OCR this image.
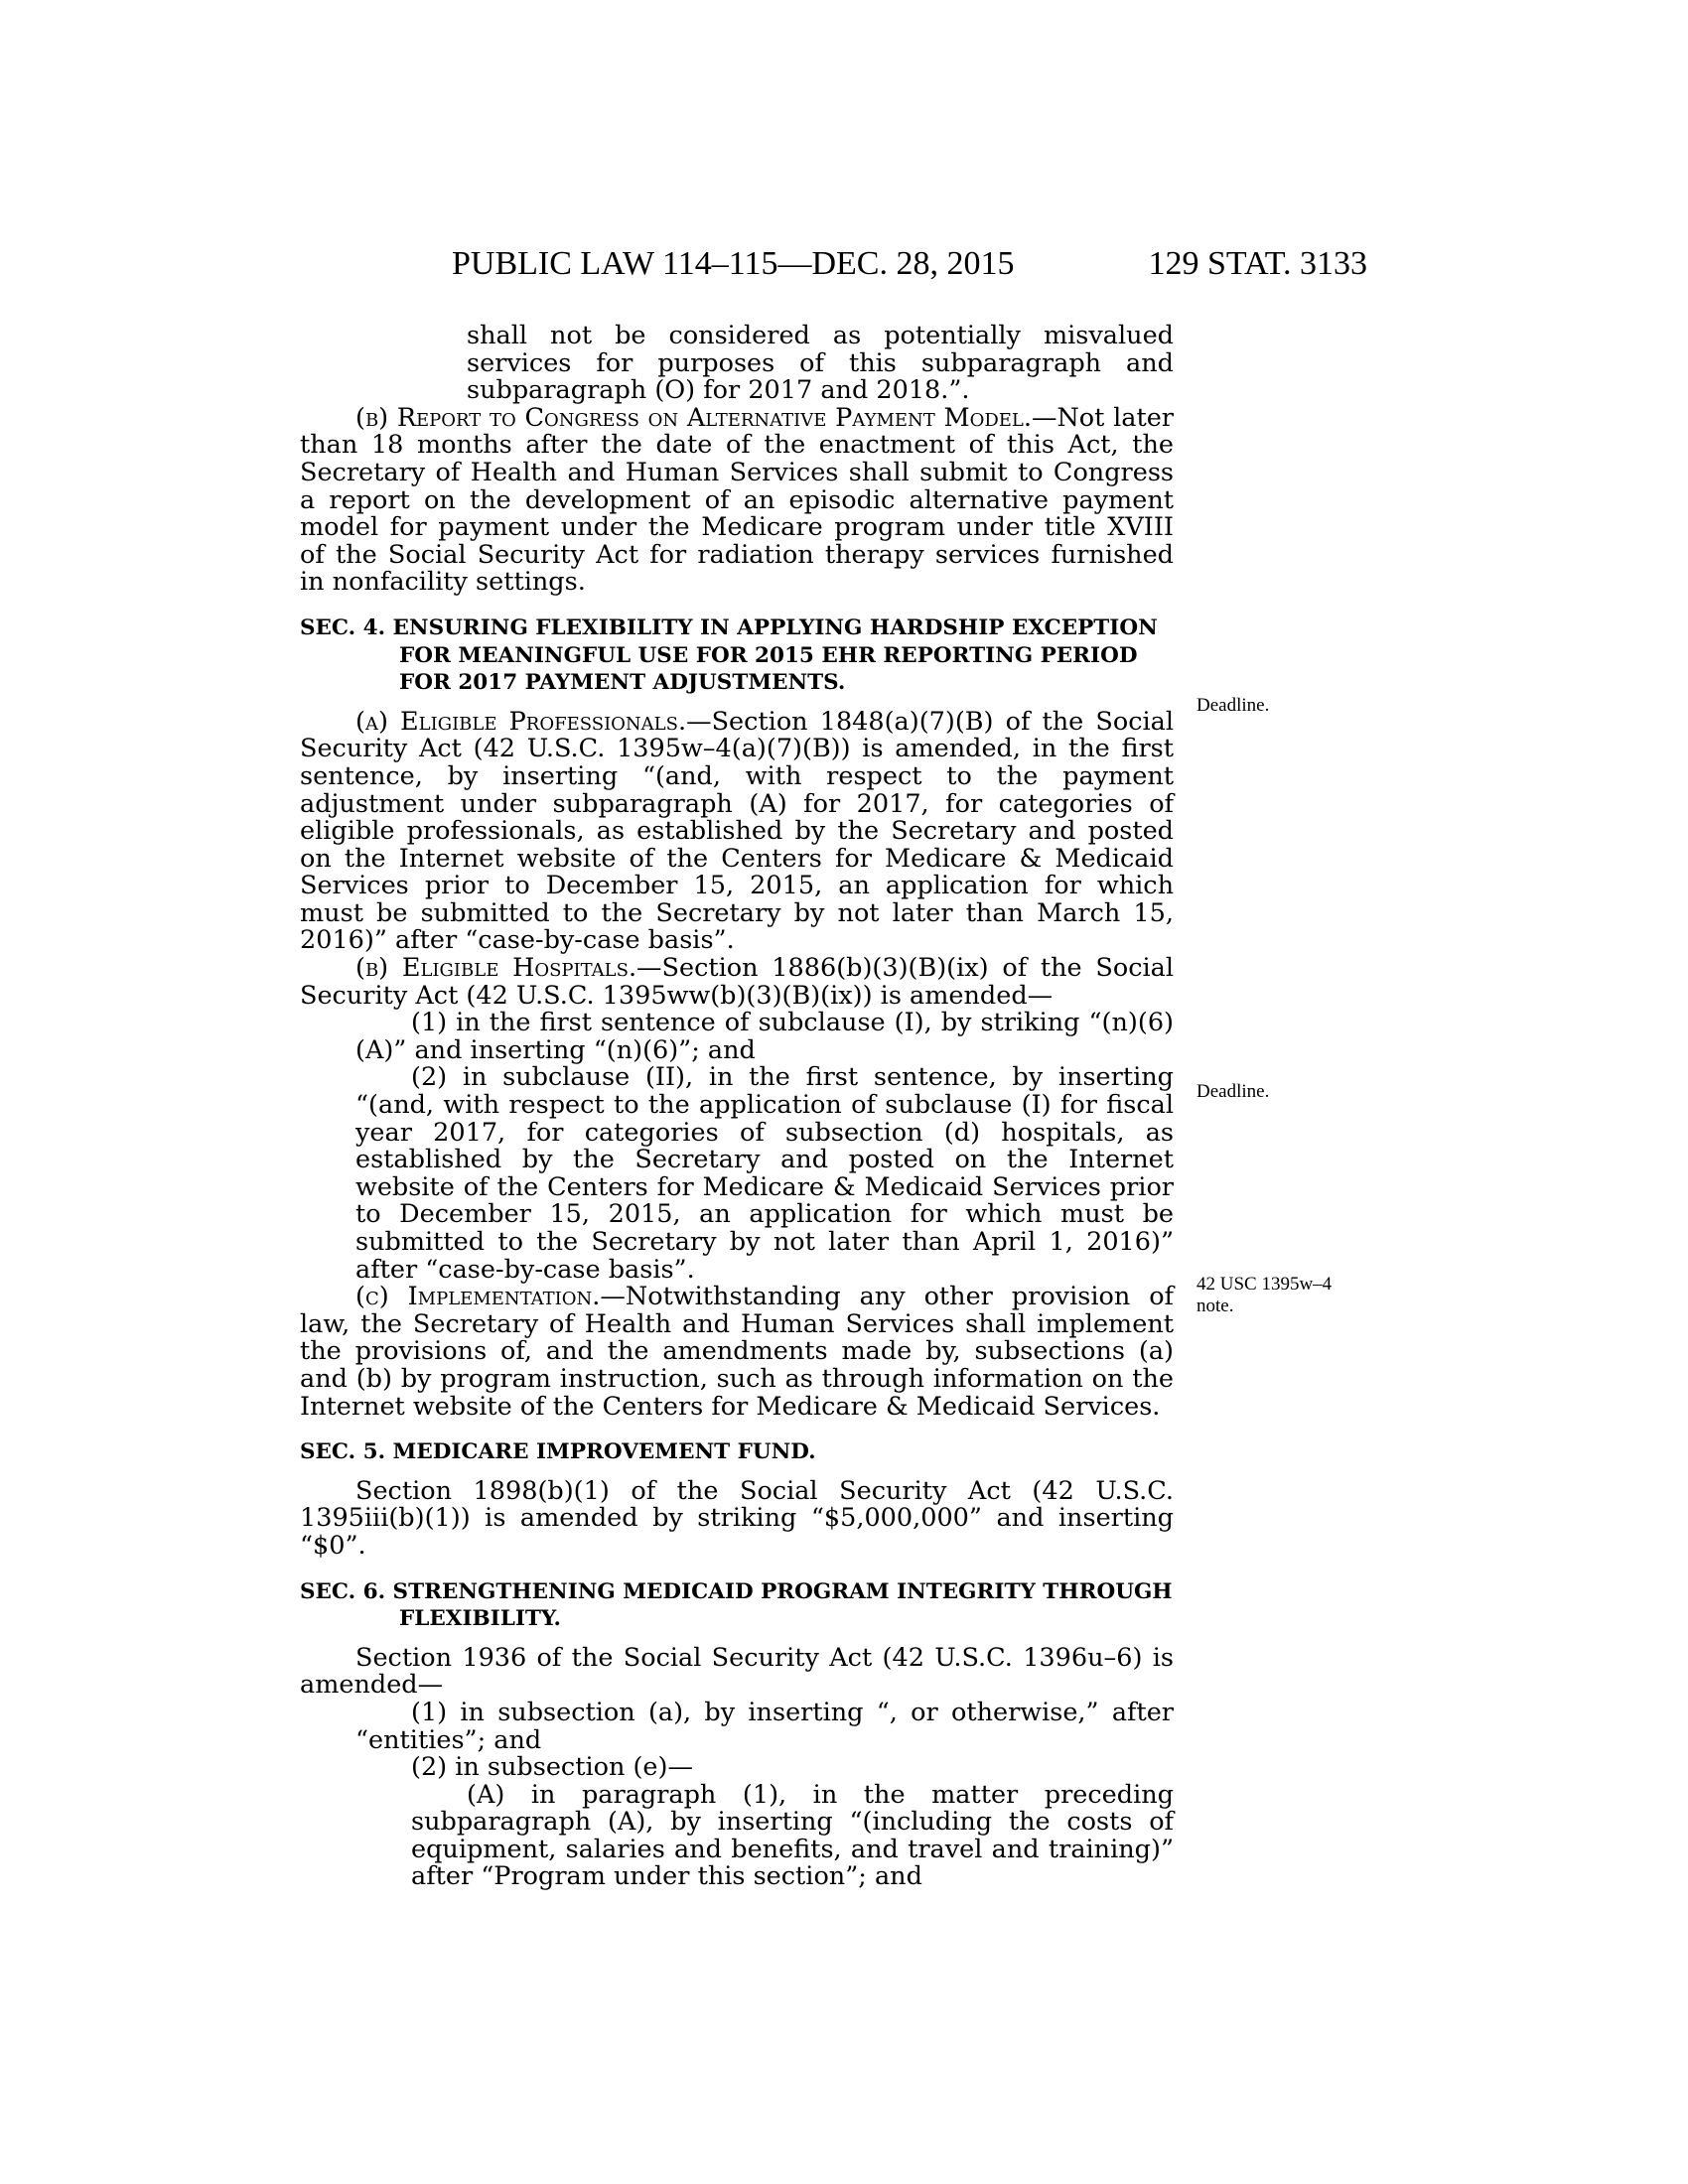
PUBLIC LAW 114–115—DEC. 28, 2015	129 STAT. 3133

shall not be considered as potentially misvalued services for purposes of this subparagraph and subparagraph (O) for 2017 and 2018.”.

(b) Report to Congress on Alternative Payment Model.—Not later than 18 months after the date of the enactment of this Act, the Secretary of Health and Human Services shall submit to Congress a report on the development of an episodic alternative payment model for payment under the Medicare program under title XVIII of the Social Security Act for radiation therapy services furnished in nonfacility settings.

SEC. 4. ENSURING FLEXIBILITY IN APPLYING HARDSHIP EXCEPTION FOR MEANINGFUL USE FOR 2015 EHR REPORTING PERIOD FOR 2017 PAYMENT ADJUSTMENTS.

(a) Eligible Professionals.—Section 1848(a)(7)(B) of the Social Security Act (42 U.S.C. 1395w–4(a)(7)(B)) is amended, in the first sentence, by inserting “(and, with respect to the payment adjustment under subparagraph (A) for 2017, for categories of eligible professionals, as established by the Secretary and posted on the Internet website of the Centers for Medicare & Medicaid Services prior to December 15, 2015, an application for which must be submitted to the Secretary by not later than March 15, 2016)” after “case-by-case basis”.

(b) Eligible Hospitals.—Section 1886(b)(3)(B)(ix) of the Social Security Act (42 U.S.C. 1395ww(b)(3)(B)(ix)) is amended—

(1) in the first sentence of subclause (I), by striking “(n)(6)(A)” and inserting “(n)(6)”; and

(2) in subclause (II), in the first sentence, by inserting “(and, with respect to the application of subclause (I) for fiscal year 2017, for categories of subsection (d) hospitals, as established by the Secretary and posted on the Internet website of the Centers for Medicare & Medicaid Services prior to December 15, 2015, an application for which must be submitted to the Secretary by not later than April 1, 2016)” after “case-by-case basis”.

(c) Implementation.—Notwithstanding any other provision of law, the Secretary of Health and Human Services shall implement the provisions of, and the amendments made by, subsections (a) and (b) by program instruction, such as through information on the Internet website of the Centers for Medicare & Medicaid Services.

SEC. 5. MEDICARE IMPROVEMENT FUND.

Section 1898(b)(1) of the Social Security Act (42 U.S.C. 1395iii(b)(1)) is amended by striking “$5,000,000” and inserting “$0”.

SEC. 6. STRENGTHENING MEDICAID PROGRAM INTEGRITY THROUGH FLEXIBILITY.

Section 1936 of the Social Security Act (42 U.S.C. 1396u–6) is amended—

(1) in subsection (a), by inserting “, or otherwise,” after “entities”; and

(2) in subsection (e)—

(A) in paragraph (1), in the matter preceding subparagraph (A), by inserting “(including the costs of equipment, salaries and benefits, and travel and training)” after “Program under this section”; and

Deadline.
Deadline.
42 USC 1395w–4
note.
